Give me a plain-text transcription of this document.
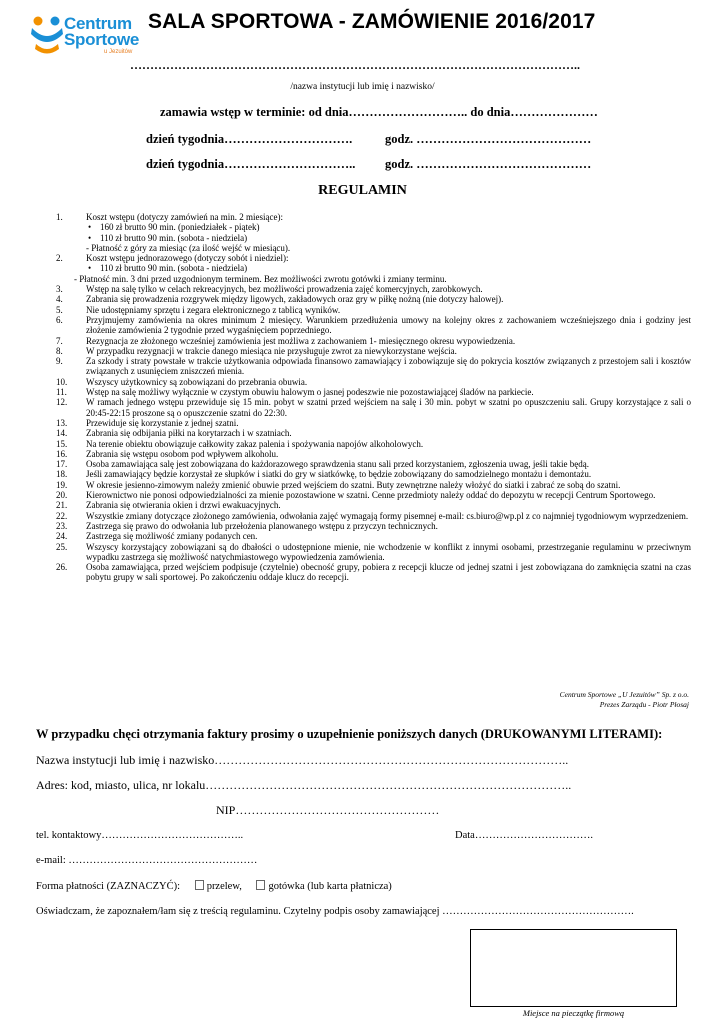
Centrum
Sportowe
u Jezuitów
SALA SPORTOWA - ZAMÓWIENIE 2016/2017
…………………………………………………………………………………………………..
/nazwa instytucji lub imię i nazwisko/
zamawia wstęp w terminie: od dnia……………………….. do dnia…………………
dzień tygodnia………………………….	godz. ……………………………………
dzień tygodnia………………………….. godz. ……………………………………
REGULAMIN
1.	Koszt wstępu (dotyczy zamówień na min. 2 miesiące):
• 160 zł brutto 90 min. (poniedziałek - piątek)
• 110 zł brutto 90 min. (sobota - niedziela)
- Płatność z góry za miesiąc (za ilość wejść w miesiącu).
2.	Koszt wstępu jednorazowego (dotyczy sobót i niedziel):
• 110 zł brutto 90 min. (sobota - niedziela)
- Płatność min. 3 dni przed uzgodnionym terminem. Bez możliwości zwrotu gotówki i zmiany terminu.
3.	Wstęp na salę tylko w celach rekreacyjnych, bez możliwości prowadzenia zajęć komercyjnych, zarobkowych.
4.	Zabrania się prowadzenia rozgrywek między ligowych, zakładowych oraz gry w piłkę nożną (nie dotyczy halowej).
5.	Nie udostępniamy sprzętu i zegara elektronicznego z tablicą wyników.
6.	Przyjmujemy zamówienia na okres minimum 2 miesięcy. Warunkiem przedłużenia umowy na kolejny okres z zachowaniem wcześniejszego dnia i godziny jest złożenie zamówienia 2 tygodnie przed wygaśnięciem poprzedniego.
7.	Rezygnacja ze złożonego wcześniej zamówienia jest możliwa z zachowaniem 1- miesięcznego okresu wypowiedzenia.
8.	W przypadku rezygnacji w trakcie danego miesiąca nie przysługuje zwrot za niewykorzystane wejścia.
9.	Za szkody i straty powstałe w trakcie użytkowania odpowiada finansowo zamawiający i zobowiązuje się do pokrycia kosztów związanych z przestojem sali i kosztów związanych z usunięciem zniszczeń mienia.
10.	Wszyscy użytkownicy są zobowiązani do przebrania obuwia.
11.	Wstęp na salę możliwy wyłącznie w czystym obuwiu halowym o jasnej podeszwie nie pozostawiającej śladów na parkiecie.
12.	W ramach jednego wstępu przewiduje się 15 min. pobyt w szatni przed wejściem na salę i 30 min. pobyt w szatni po opuszczeniu sali. Grupy korzystające z sali o 20:45-22:15 proszone są o opuszczenie szatni do 22:30.
13.	Przewiduje się korzystanie z jednej szatni.
14.	Zabrania się odbijania piłki na korytarzach i w szatniach.
15.	Na terenie obiektu obowiązuje całkowity zakaz palenia i spożywania napojów alkoholowych.
16.	Zabrania się wstępu osobom pod wpływem alkoholu.
17.	Osoba zamawiająca salę jest zobowiązana do każdorazowego sprawdzenia stanu sali przed korzystaniem, zgłoszenia uwag, jeśli takie będą.
18.	Jeśli zamawiający będzie korzystał ze słupków i siatki do gry w siatkówkę, to będzie zobowiązany do samodzielnego montażu i demontażu.
19.	W okresie jesienno-zimowym należy zmienić obuwie przed wejściem do szatni. Buty zewnętrzne należy włożyć do siatki i zabrać ze sobą do szatni.
20.	Kierownictwo nie ponosi odpowiedzialności za mienie pozostawione w szatni. Cenne przedmioty należy oddać do depozytu w recepcji Centrum Sportowego.
21.	Zabrania się otwierania okien i drzwi ewakuacyjnych.
22.	Wszystkie zmiany dotyczące złożonego zamówienia, odwołania zajęć wymagają formy pisemnej e-mail: cs.biuro@wp.pl z co najmniej tygodniowym wyprzedzeniem.
23.	Zastrzega się prawo do odwołania lub przełożenia planowanego wstępu z przyczyn technicznych.
24.	Zastrzega się możliwość zmiany podanych cen.
25.	Wszyscy korzystający zobowiązani są do dbałości o udostępnione mienie, nie wchodzenie w konflikt z innymi osobami, przestrzeganie regulaminu w przeciwnym wypadku zastrzega się możliwość natychmiastowego wypowiedzenia zamówienia.
26.	Osoba zamawiająca, przed wejściem podpisuje (czytelnie) obecność grupy, pobiera z recepcji klucze od jednej szatni i jest zobowiązana do zamknięcia szatni na czas pobytu grupy w sali sportowej. Po zakończeniu oddaje klucz do recepcji.
Centrum Sportowe „U Jezuitów” Sp. z o.o.
Prezes Zarządu - Piotr Płosaj
W przypadku chęci otrzymania faktury prosimy o uzupełnienie poniższych danych (DRUKOWANYMI LITERAMI):
Nazwa instytucji lub imię i nazwisko……………………………………………………………………………..
Adres: kod, miasto, ulica, nr lokalu………………………………………………………………………………..
NIP……………………………………………
tel. kontaktowy…………………………………..	Data…………………………….
e-mail: ………………………………………………
Forma płatności (ZAZNACZYĆ):	przelew,	gotówka (lub karta płatnicza)
Oświadczam, że zapoznałem/łam się z treścią regulaminu. Czytelny podpis osoby zamawiającej ……………………………………………….
Miejsce na pieczątkę firmową
